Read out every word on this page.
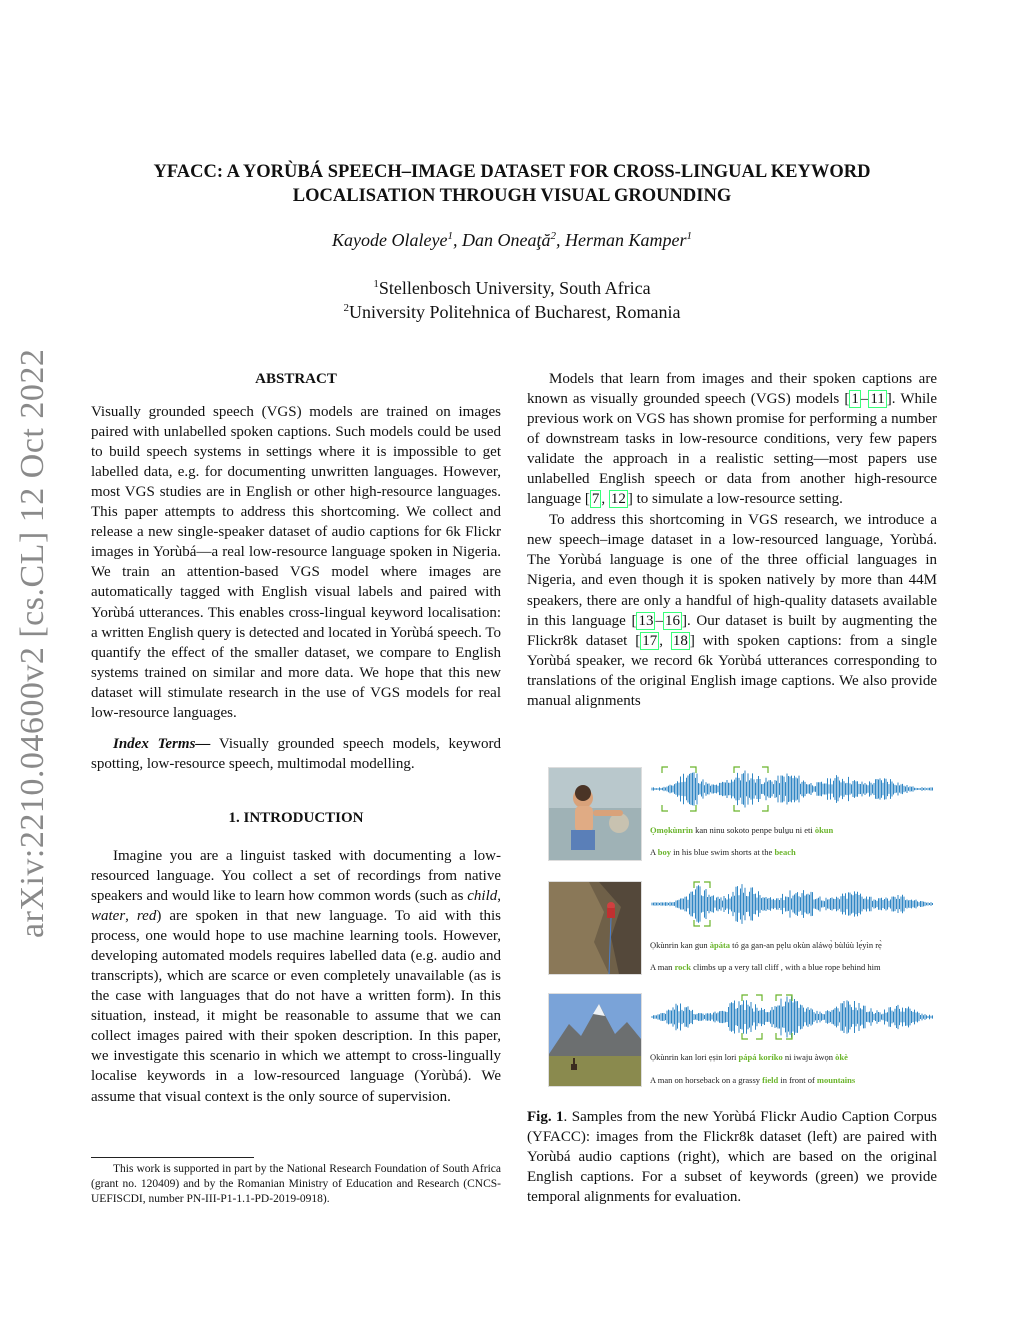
arXiv:2210.04600v2 [cs.CL] 12 Oct 2022
YFACC: A YORÙBÁ SPEECH–IMAGE DATASET FOR CROSS-LINGUAL KEYWORD
LOCALISATION THROUGH VISUAL GROUNDING
Kayode Olaleye$^1$, Dan Oneaţă$^2$, Herman Kamper$^1$
$^1$Stellenbosch University, South Africa
$^2$University Politehnica of Bucharest, Romania

ABSTRACT

Visually grounded speech (VGS) models are trained on images paired with unlabelled spoken captions. Such models could be used to build speech systems in settings where it is impossible to get labelled data, e.g. for documenting unwritten languages. However, most VGS studies are in English or other high-resource languages. This paper attempts to address this shortcoming. We collect and release a new single-speaker dataset of audio captions for 6k Flickr images in Yorùbá—a real low-resource language spoken in Nigeria. We train an attention-based VGS model where images are automatically tagged with English visual labels and paired with Yorùbá utterances. This enables cross-lingual keyword localisation: a written English query is detected and located in Yorùbá speech. To quantify the effect of the smaller dataset, we compare to English systems trained on similar and more data. We hope that this new dataset will stimulate research in the use of VGS models for real low-resource languages.

Index Terms— Visually grounded speech models, keyword spotting, low-resource speech, multimodal modelling.

1. INTRODUCTION

Imagine you are a linguist tasked with documenting a low-resourced language. You collect a set of recordings from native speakers and would like to learn how common words (such as child, water, red) are spoken in that new language. To aid with this process, one would hope to use machine learning tools. However, developing automated models requires labelled data (e.g. audio and transcripts), which are scarce or even completely unavailable (as is the case with languages that do not have a written form). In this situation, instead, it might be reasonable to assume that we can collect images paired with their spoken description. In this paper, we investigate this scenario in which we attempt to cross-lingually localise keywords in a low-resourced language (Yorùbá). We assume that visual context is the only source of supervision.

This work is supported in part by the National Research Foundation of South Africa (grant no. 120409) and by the Romanian Ministry of Education and Research (CNCS-UEFISCDI, number PN-III-P1-1.1-PD-2019-0918).

Models that learn from images and their spoken captions are known as visually grounded speech (VGS) models [ 1 – 11 ]. While previous work on VGS has shown promise for performing a number of downstream tasks in low-resource conditions, very few papers validate the approach in a realistic setting—most papers use unlabelled English speech or data from another high-resource language [ 7 , 12 ] to simulate a low-resource setting.

To address this shortcoming in VGS research, we introduce a new speech–image dataset in a low-resourced language, Yorùbá. The Yorùbá language is one of the three official languages in Nigeria, and even though it is spoken natively by more than 44M speakers, there are only a handful of high-quality datasets available in this language [ 13 – 16 ]. Our dataset is built by augmenting the Flickr8k dataset [ 17 , 18 ] with spoken captions: from a single Yorùbá speaker, we record 6k Yorùbá utterances corresponding to translations of the original English image captions. We also provide manual alignments

Ọmọkùnrin kan ninu sokoto penpe bulu̠u ni eti òkun
A boy in his blue swim shorts at the beach
Ọkùnrin kan gun àpáta tó ga gan-an pẹlu okùn aláwọ̀ bùlúù lẹ́yìn rẹ̀
A man rock climbs up a very tall cliff , with a blue rope behind him
Ọkùnrin kan lori ẹṣin lori pápá koríko ni iwaju àwọn òkè
A man on horseback on a grassy field in front of mountains
Fig. 1. Samples from the new Yorùbá Flickr Audio Caption Corpus (YFACC): images from the Flickr8k dataset (left) are paired with Yorùbá audio captions (right), which are based on the original English captions. For a subset of keywords (green) we provide temporal alignments for evaluation.
